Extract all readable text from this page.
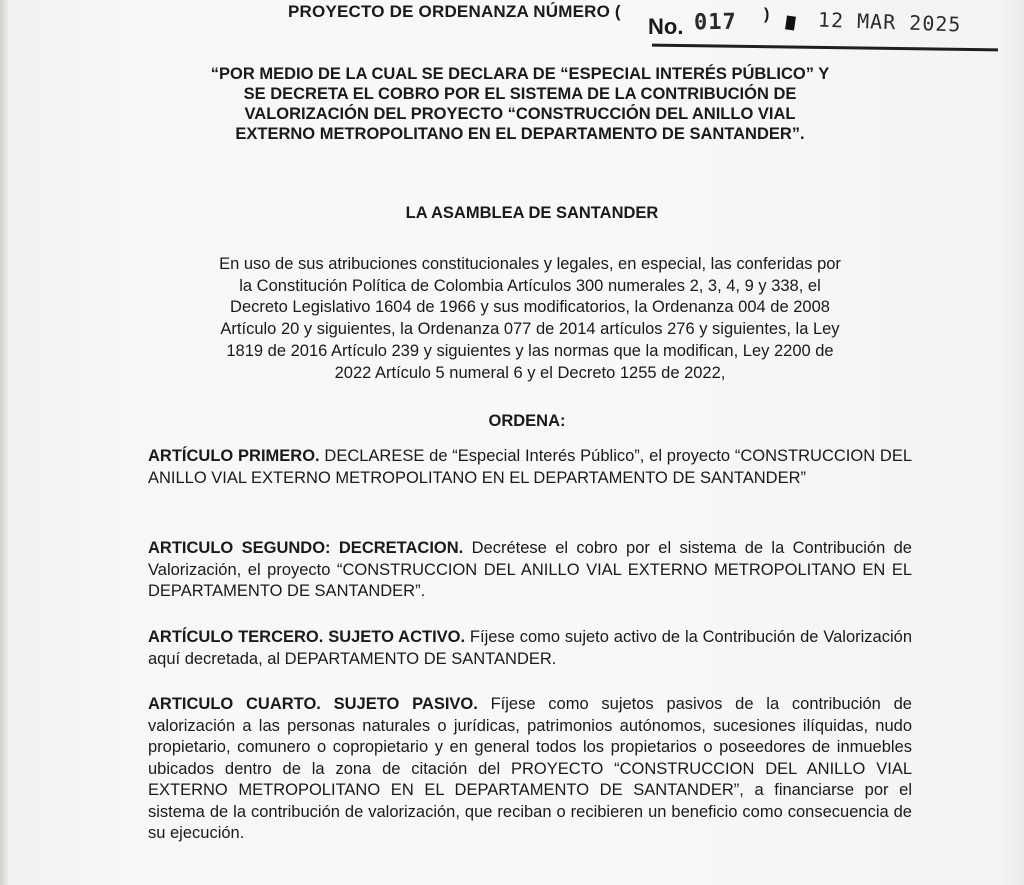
PROYECTO DE ORDENANZA NÚMERO (
No. 017 ) 12 MAR 2025
“POR MEDIO DE LA CUAL SE DECLARA DE “ESPECIAL INTERÉS PÚBLICO” Y
SE DECRETA EL COBRO POR EL SISTEMA DE LA CONTRIBUCIÓN DE
VALORIZACIÓN DEL PROYECTO “CONSTRUCCIÓN DEL ANILLO VIAL
EXTERNO METROPOLITANO EN EL DEPARTAMENTO DE SANTANDER”.
LA ASAMBLEA DE SANTANDER
En uso de sus atribuciones constitucionales y legales, en especial, las conferidas por
la Constitución Política de Colombia Artículos 300 numerales 2, 3, 4, 9 y 338, el
Decreto Legislativo 1604 de 1966 y sus modificatorios, la Ordenanza 004 de 2008
Artículo 20 y siguientes, la Ordenanza 077 de 2014 artículos 276 y siguientes, la Ley
1819 de 2016 Artículo 239 y siguientes y las normas que la modifican, Ley 2200 de
2022 Artículo 5 numeral 6 y el Decreto 1255 de 2022,
ORDENA:
ARTÍCULO PRIMERO. DECLARESE de “Especial Interés Público”, el proyecto “CONSTRUCCION DEL ANILLO VIAL EXTERNO METROPOLITANO EN EL DEPARTAMENTO DE SANTANDER”
ARTICULO SEGUNDO: DECRETACION. Decrétese el cobro por el sistema de la Contribución de Valorización, el proyecto “CONSTRUCCION DEL ANILLO VIAL EXTERNO METROPOLITANO EN EL DEPARTAMENTO DE SANTANDER”.
ARTÍCULO TERCERO. SUJETO ACTIVO. Fíjese como sujeto activo de la Contribución de Valorización aquí decretada, al DEPARTAMENTO DE SANTANDER.
ARTICULO CUARTO. SUJETO PASIVO. Fíjese como sujetos pasivos de la contribución de valorización a las personas naturales o jurídicas, patrimonios autónomos, sucesiones ilíquidas, nudo propietario, comunero o copropietario y en general todos los propietarios o poseedores de inmuebles ubicados dentro de la zona de citación del PROYECTO “CONSTRUCCION DEL ANILLO VIAL EXTERNO METROPOLITANO EN EL DEPARTAMENTO DE SANTANDER”, a financiarse por el sistema de la contribución de valorización, que reciban o recibieren un beneficio como consecuencia de su ejecución.
